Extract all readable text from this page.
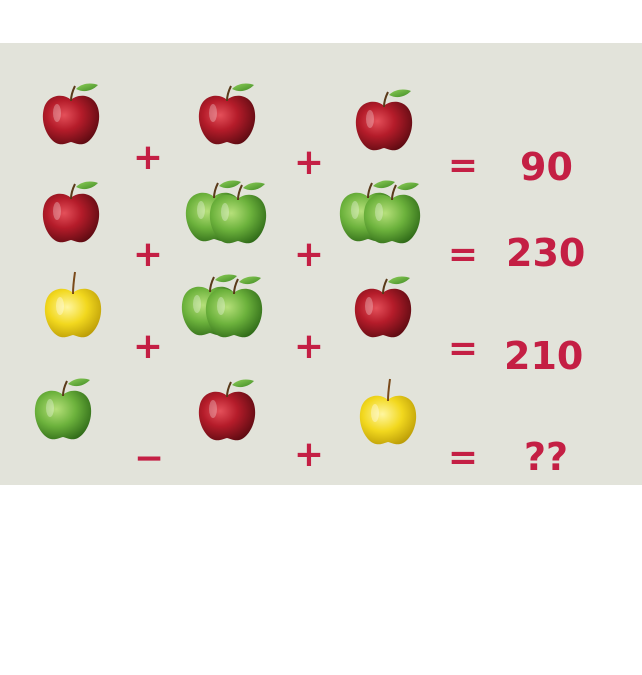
+	+	= 90
+	+	= 230
+	+	= 210
−	+	= ??
